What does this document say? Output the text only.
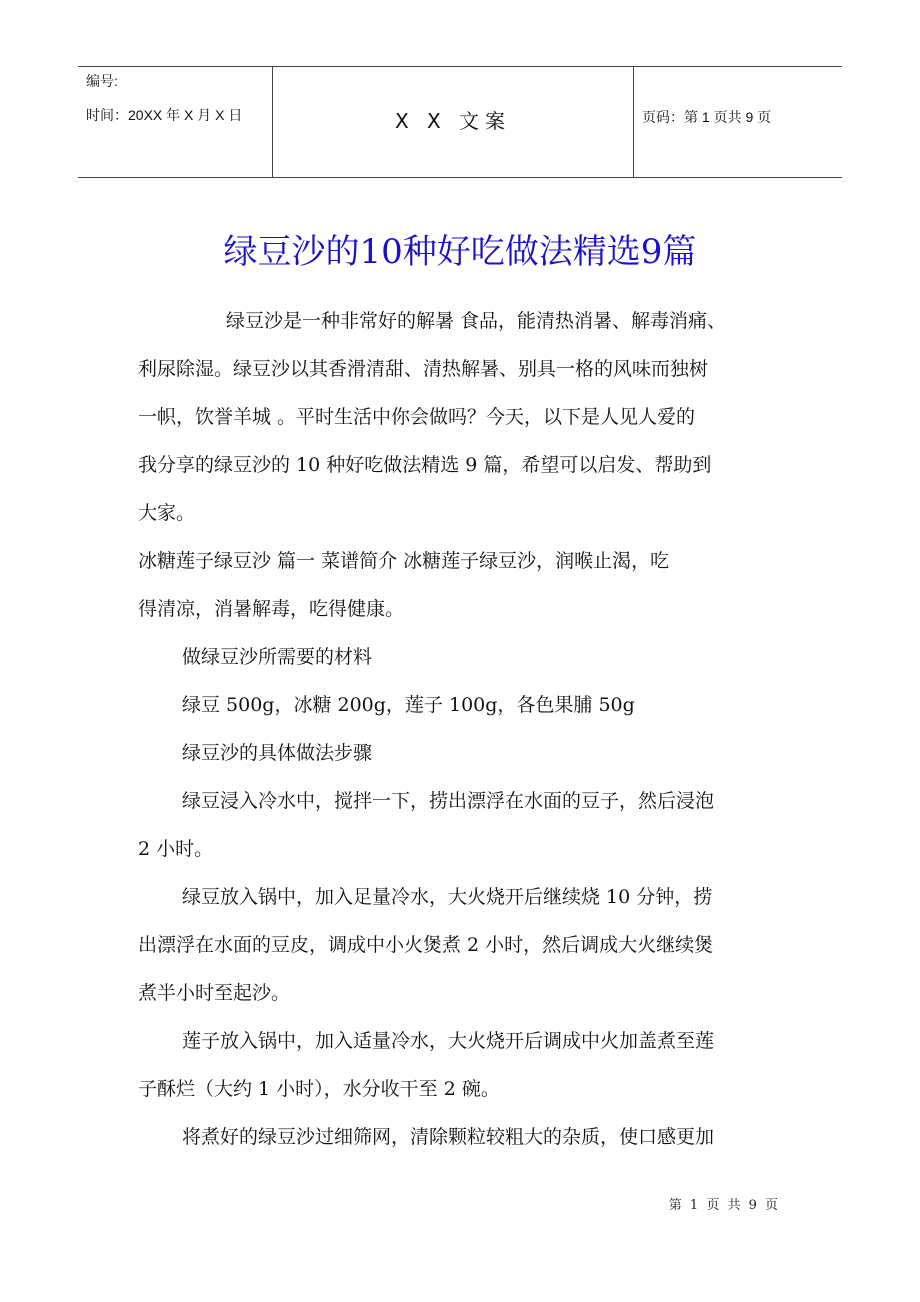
编号:
时间：20XX 年 X 月 X 日	X X 文案	页码：第 1 页共 9 页
绿豆沙的10种好吃做法精选9篇
绿豆沙是一种非常好的解暑 食品，能清热消暑、解毒消痛、
利尿除湿。绿豆沙以其香滑清甜、清热解暑、别具一格的风味而独树
一帜，饮誉羊城 。平时生活中你会做吗？今天，以下是人见人爱的
我分享的绿豆沙的 10 种好吃做法精选 9 篇，希望可以启发、帮助到
大家。
冰糖莲子绿豆沙 篇一 菜谱简介 冰糖莲子绿豆沙，润喉止渴，吃
得清凉，消暑解毒，吃得健康。
做绿豆沙所需要的材料
绿豆 500g，冰糖 200g，莲子 100g，各色果脯 50g
绿豆沙的具体做法步骤
绿豆浸入冷水中，搅拌一下，捞出漂浮在水面的豆子，然后浸泡
2 小时。
绿豆放入锅中，加入足量冷水，大火烧开后继续烧 10 分钟，捞
出漂浮在水面的豆皮，调成中小火煲煮 2 小时，然后调成大火继续煲
煮半小时至起沙。
莲子放入锅中，加入适量冷水，大火烧开后调成中火加盖煮至莲
子酥烂（大约 1 小时），水分收干至 2 碗。
将煮好的绿豆沙过细筛网，清除颗粒较粗大的杂质，使口感更加
第 1 页 共 9 页
